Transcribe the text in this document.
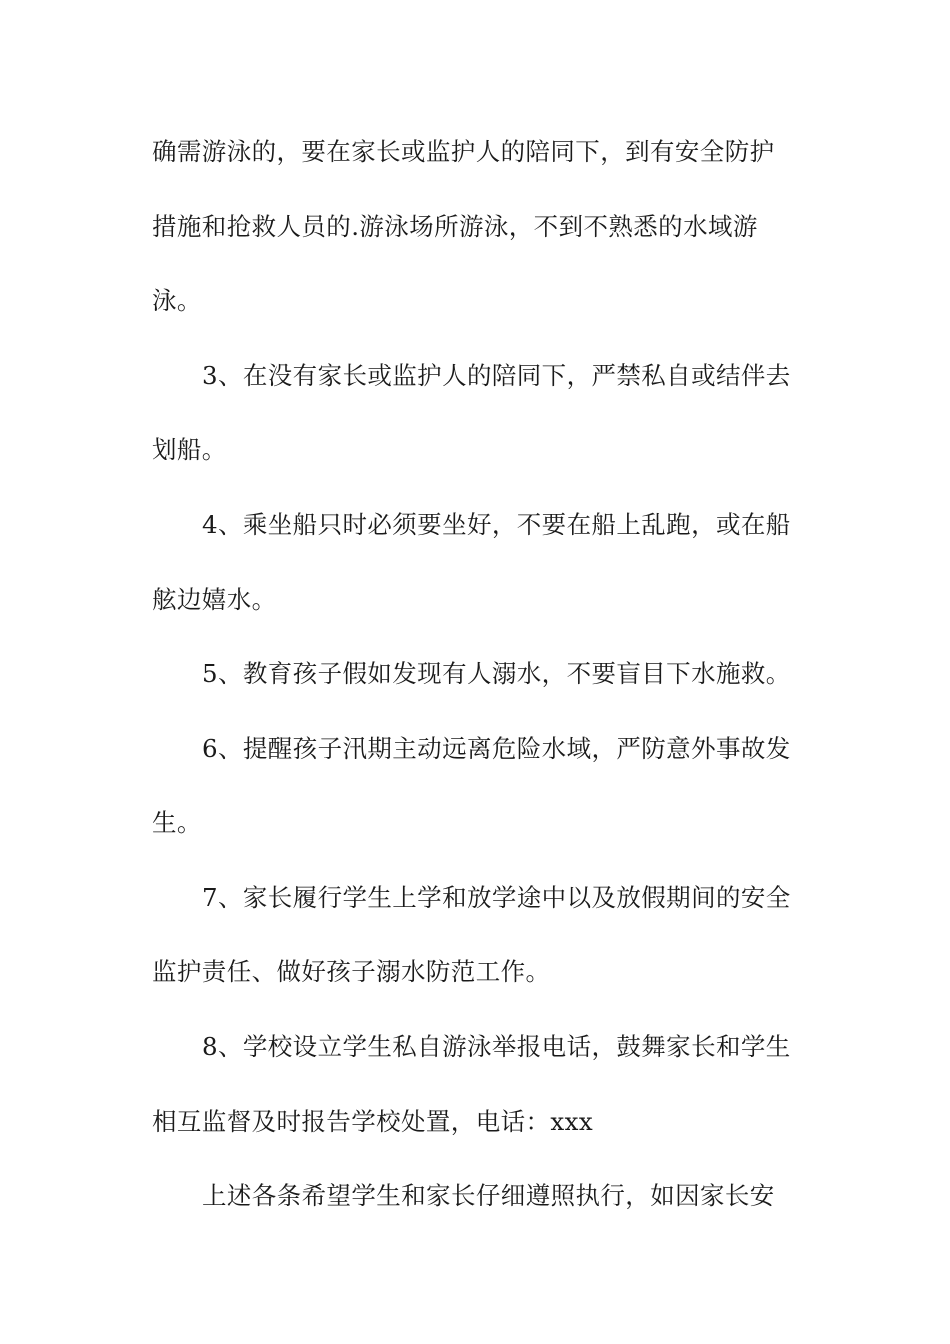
确需游泳的，要在家长或监护人的陪同下，到有安全防护
措施和抢救人员的.游泳场所游泳，不到不熟悉的水域游
泳。
3、在没有家长或监护人的陪同下，严禁私自或结伴去
划船。
4、乘坐船只时必须要坐好，不要在船上乱跑，或在船
舷边嬉水。
5、教育孩子假如发现有人溺水，不要盲目下水施救。
6、提醒孩子汛期主动远离危险水域，严防意外事故发
生。
7、家长履行学生上学和放学途中以及放假期间的安全
监护责任、做好孩子溺水防范工作。
8、学校设立学生私自游泳举报电话，鼓舞家长和学生
相互监督及时报告学校处置，电话：xxx
上述各条希望学生和家长仔细遵照执行，如因家长安
